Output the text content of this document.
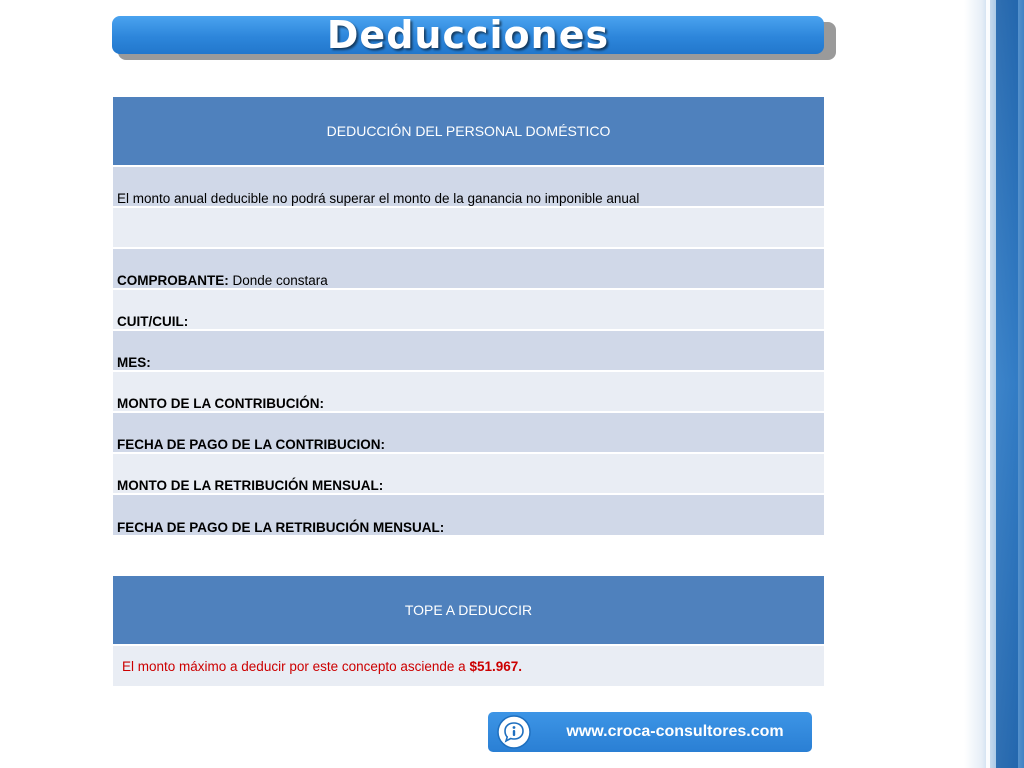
Deducciones
DEDUCCIÓN DEL PERSONAL DOMÉSTICO
El monto anual deducible no podrá superar el monto de la ganancia no imponible anual

COMPROBANTE: Donde constara
CUIT/CUIL:
MES:
MONTO DE LA CONTRIBUCIÓN:
FECHA DE PAGO DE LA CONTRIBUCION:
MONTO DE LA RETRIBUCIÓN MENSUAL:
FECHA DE PAGO DE LA RETRIBUCIÓN MENSUAL:
TOPE A DEDUCCIR
El monto máximo a deducir por este concepto asciende a $51.967.
www.croca-consultores.com
